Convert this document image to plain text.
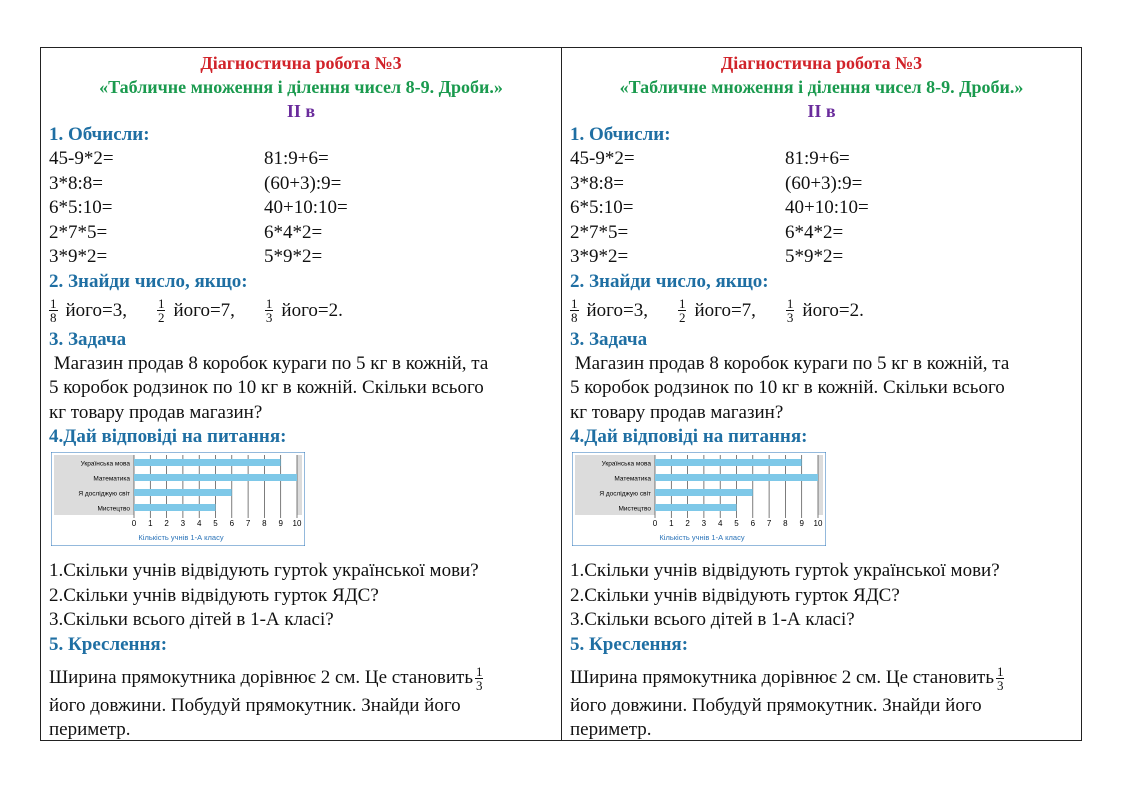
Діагностична робота №3
«Табличне множення і ділення чисел 8-9. Дроби.»
ІІ в
1. Обчисли:
45-9*2=	81:9+6=
3*8:8=	(60+3):9=
6*5:10=	40+10:10=
2*7*5=	6*4*2=
3*9*2=	5*9*2=
2. Знайди число, якщо:
$\frac{1}{8}$ його=3, $\frac{1}{2}$ його=7, $\frac{1}{3}$ його=2.
3. Задача
Магазин продав 8 коробок кураги по 5 кг в кожній, та
5 коробок родзинок по 10 кг в кожній. Скільки всього
кг товару продав магазин?
4.Дай відповіді на питання:
Українська мова
Математика
Я досліджую світ
Мистецтво
0 1 2 3 4 5 6 7 8 9 10
Кількість учнів 1-А класу
1.Скільки учнів відвідують гуртok української мови?
2.Скільки учнів відвідують гурток ЯДС?
3.Скільки всього дітей в 1-А класі?
5. Креслення:
Ширина прямокутника дорівнює 2 см. Це становить $\frac{1}{3}$
його довжини. Побудуй прямокутник. Знайди його
периметр.
Діагностична робота №3
«Табличне множення і ділення чисел 8-9. Дроби.»
ІІ в
1. Обчисли:
45-9*2=	81:9+6=
3*8:8=	(60+3):9=
6*5:10=	40+10:10=
2*7*5=	6*4*2=
3*9*2=	5*9*2=
2. Знайди число, якщо:
$\frac{1}{8}$ його=3, $\frac{1}{2}$ його=7, $\frac{1}{3}$ його=2.
3. Задача
Магазин продав 8 коробок кураги по 5 кг в кожній, та
5 коробок родзинок по 10 кг в кожній. Скільки всього
кг товару продав магазин?
4.Дай відповіді на питання:
Українська мова
Математика
Я досліджую світ
Мистецтво
0 1 2 3 4 5 6 7 8 9 10
Кількість учнів 1-А класу
1.Скільки учнів відвідують гуртok української мови?
2.Скільки учнів відвідують гурток ЯДС?
3.Скільки всього дітей в 1-А класі?
5. Креслення:
Ширина прямокутника дорівнює 2 см. Це становить $\frac{1}{3}$
його довжини. Побудуй прямокутник. Знайди його
периметр.
